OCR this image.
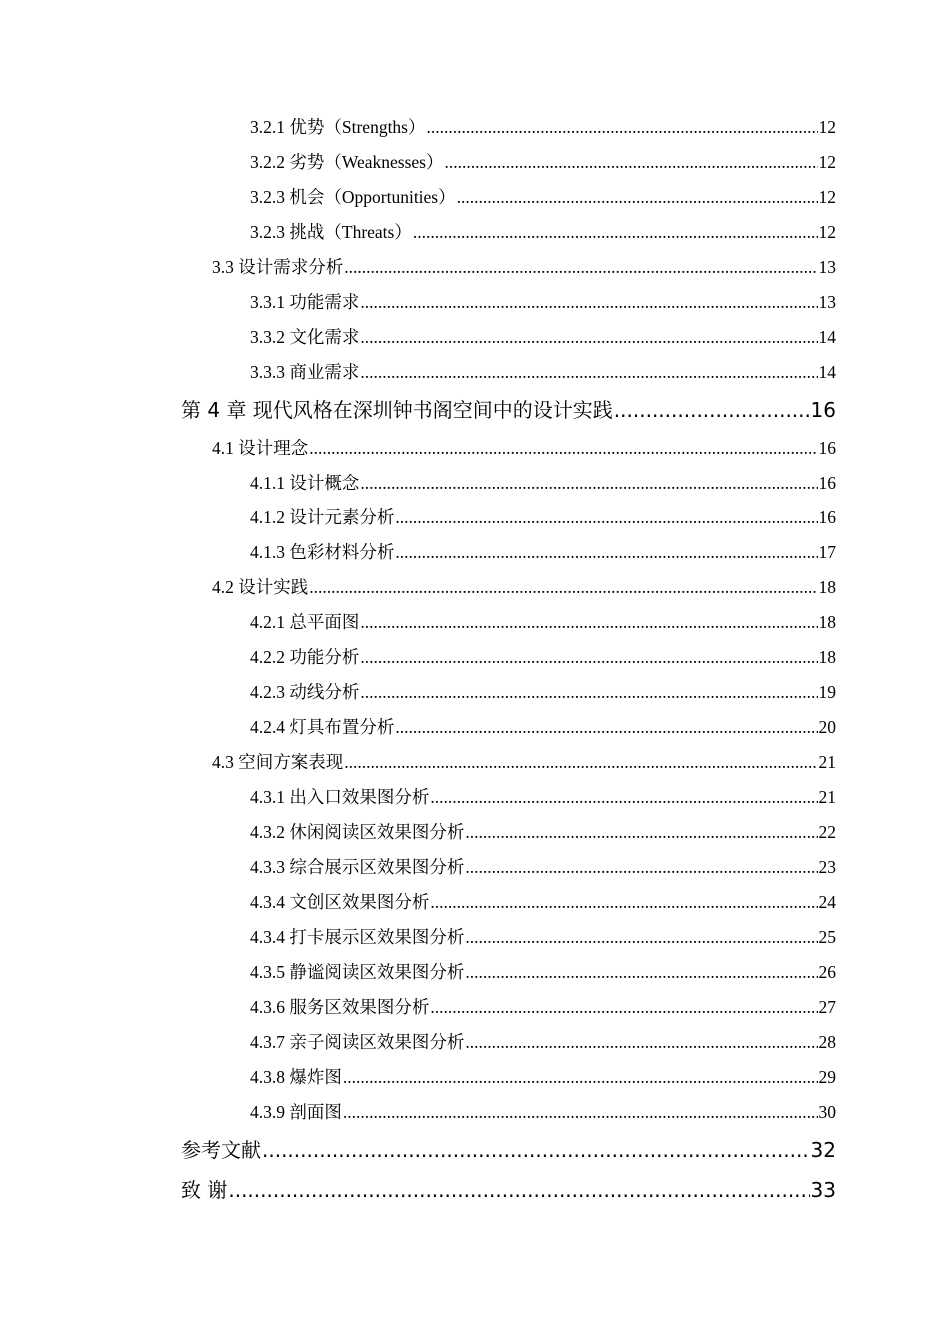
3.2.1 优势（Strengths） .....	12
3.2.2 劣势（Weaknesses） .....	12
3.2.3 机会（Opportunities） .....	12
3.2.3 挑战（Threats） .....	12
3.3 设计需求分析 .....	13
3.3.1 功能需求 .....	13
3.3.2 文化需求 .....	14
3.3.3 商业需求 .....	14
第 4 章 现代风格在深圳钟书阁空间中的设计实践 .....	16
4.1 设计理念 .....	16
4.1.1 设计概念 .....	16
4.1.2 设计元素分析 .....	16
4.1.3 色彩材料分析 .....	17
4.2 设计实践 .....	18
4.2.1 总平面图 .....	18
4.2.2 功能分析 .....	18
4.2.3 动线分析 .....	19
4.2.4 灯具布置分析 .....	20
4.3 空间方案表现 .....	21
4.3.1 出入口效果图分析 .....	21
4.3.2 休闲阅读区效果图分析 .....	22
4.3.3 综合展示区效果图分析 .....	23
4.3.4 文创区效果图分析 .....	24
4.3.4 打卡展示区效果图分析 .....	25
4.3.5 静谧阅读区效果图分析 .....	26
4.3.6 服务区效果图分析 .....	27
4.3.7 亲子阅读区效果图分析 .....	28
4.3.8 爆炸图 .....	29
4.3.9 剖面图 .....	30
参考文献 .....	32
致 谢 .....	33
